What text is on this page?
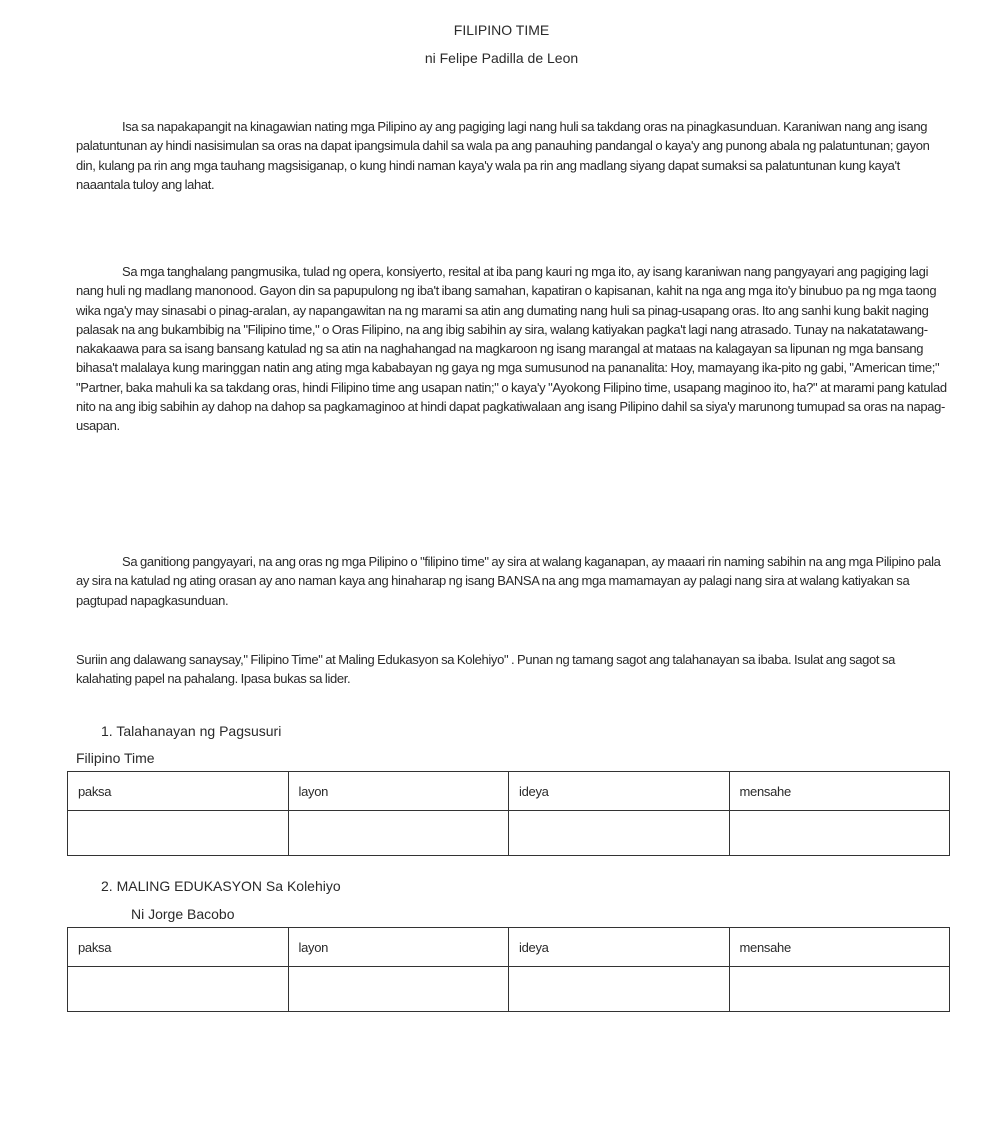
FILIPINO TIME
ni Felipe Padilla de Leon

Isa sa napakapangit na kinagawian nating mga Pilipino ay ang pagiging lagi nang huli sa takdang oras na pinagkasunduan. Karaniwan nang ang isang palatuntunan ay hindi nasisimulan sa oras na dapat ipangsimula dahil sa wala pa ang panauhing pandangal o kaya'y ang punong abala ng palatuntunan; gayon din, kulang pa rin ang mga tauhang magsisiganap, o kung hindi naman kaya'y wala pa rin ang madlang siyang dapat sumaksi sa palatuntunan kung kaya't naaantala tuloy ang lahat.

Sa mga tanghalang pangmusika, tulad ng opera, konsiyerto, resital at iba pang kauri ng mga ito, ay isang karaniwan nang pangyayari ang pagiging lagi nang huli ng madlang manonood. Gayon din sa papupulong ng iba't ibang samahan, kapatiran o kapisanan, kahit na nga ang mga ito'y binubuo pa ng mga taong wika nga'y may sinasabi o pinag-aralan, ay napangawitan na ng marami sa atin ang dumating nang huli sa pinag-usapang oras. Ito ang sanhi kung bakit naging palasak na ang bukambibig na "Filipino time," o Oras Filipino, na ang ibig sabihin ay sira, walang katiyakan pagka't lagi nang atrasado. Tunay na nakatatawang-nakakaawa para sa isang bansang katulad ng sa atin na naghahangad na magkaroon ng isang marangal at mataas na kalagayan sa lipunan ng mga bansang bihasa't malalaya kung maringgan natin ang ating mga kababayan ng gaya ng mga sumusunod na pananalita: Hoy, mamayang ika-pito ng gabi, "American time;" "Partner, baka mahuli ka sa takdang oras, hindi Filipino time ang usapan natin;" o kaya'y "Ayokong Filipino time, usapang maginoo ito, ha?" at marami pang katulad nito na ang ibig sabihin ay dahop na dahop sa pagkamaginoo at hindi dapat pagkatiwalaan ang isang Pilipino dahil sa siya'y marunong tumupad sa oras na napag-usapan.

Sa ganitiong pangyayari, na ang oras ng mga Pilipino o "filipino time" ay sira at walang kaganapan, ay maaari rin naming sabihin na ang mga Pilipino pala ay sira na katulad ng ating orasan ay ano naman kaya ang hinaharap ng isang BANSA na ang mga mamamayan ay palagi nang sira at walang katiyakan sa pagtupad napagkasunduan.

Suriin ang dalawang sanaysay," Filipino Time" at Maling Edukasyon sa Kolehiyo" . Punan ng tamang sagot ang talahanayan sa ibaba. Isulat ang sagot sa kalahating papel na pahalang. Ipasa bukas sa lider.

1. Talahanayan ng Pagsusuri
Filipino Time
paksa	layon	ideya	mensahe

2. MALING EDUKASYON Sa Kolehiyo
Ni Jorge Bacobo
paksa	layon	ideya	mensahe
